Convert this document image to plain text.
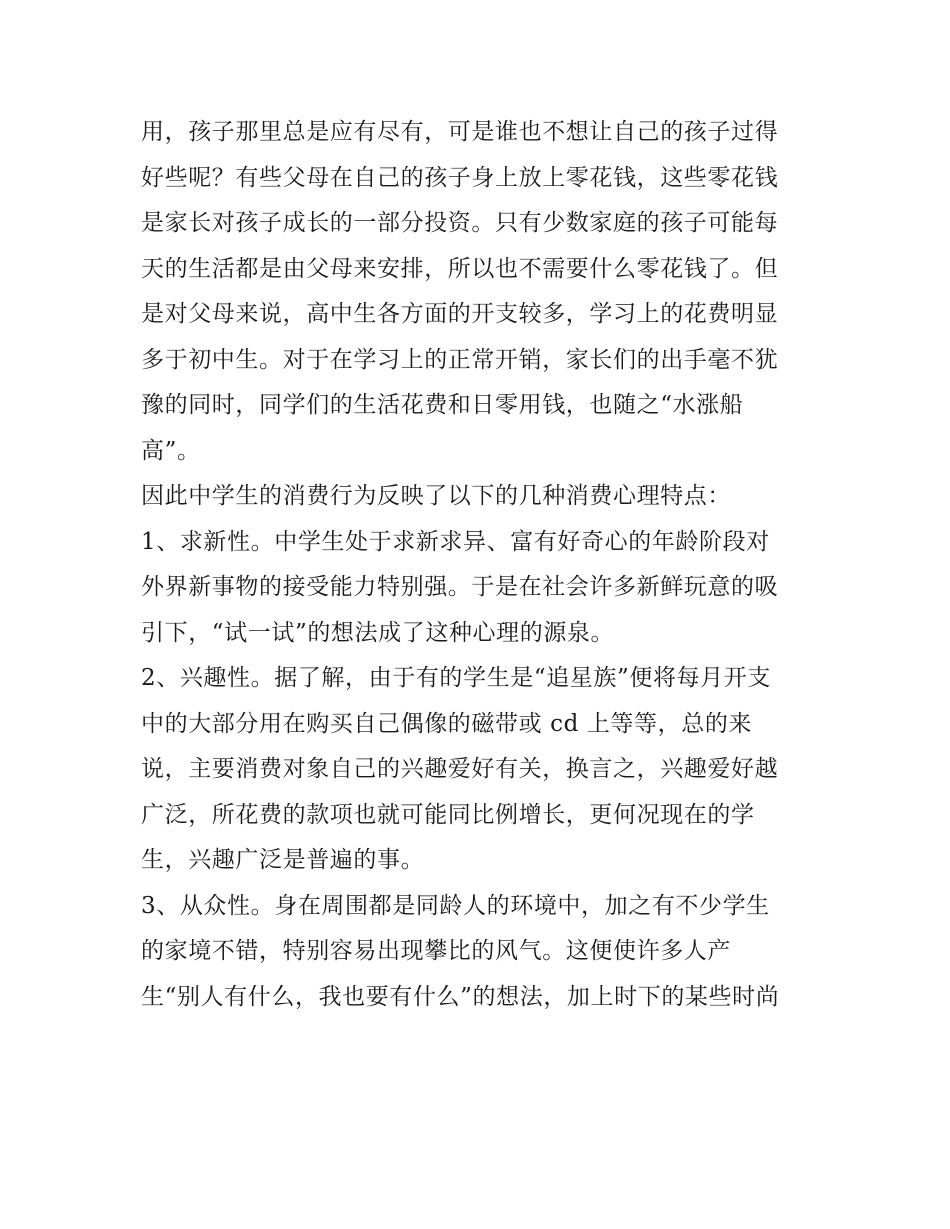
用，孩子那里总是应有尽有，可是谁也不想让自己的孩子过得
好些呢？有些父母在自己的孩子身上放上零花钱，这些零花钱
是家长对孩子成长的一部分投资。只有少数家庭的孩子可能每
天的生活都是由父母来安排，所以也不需要什么零花钱了。但
是对父母来说，高中生各方面的开支较多，学习上的花费明显
多于初中生。对于在学习上的正常开销，家长们的出手毫不犹
豫的同时，同学们的生活花费和日零用钱，也随之“水涨船
高”。
因此中学生的消费行为反映了以下的几种消费心理特点：
1、求新性。中学生处于求新求异、富有好奇心的年龄阶段对
外界新事物的接受能力特别强。于是在社会许多新鲜玩意的吸
引下，“试一试”的想法成了这种心理的源泉。
2、兴趣性。据了解，由于有的学生是“追星族”便将每月开支
中的大部分用在购买自己偶像的磁带或 cd 上等等，总的来
说，主要消费对象自己的兴趣爱好有关，换言之，兴趣爱好越
广泛，所花费的款项也就可能同比例增长，更何况现在的学
生，兴趣广泛是普遍的事。
3、从众性。身在周围都是同龄人的环境中，加之有不少学生
的家境不错，特别容易出现攀比的风气。这便使许多人产
生“别人有什么，我也要有什么”的想法，加上时下的某些时尚
